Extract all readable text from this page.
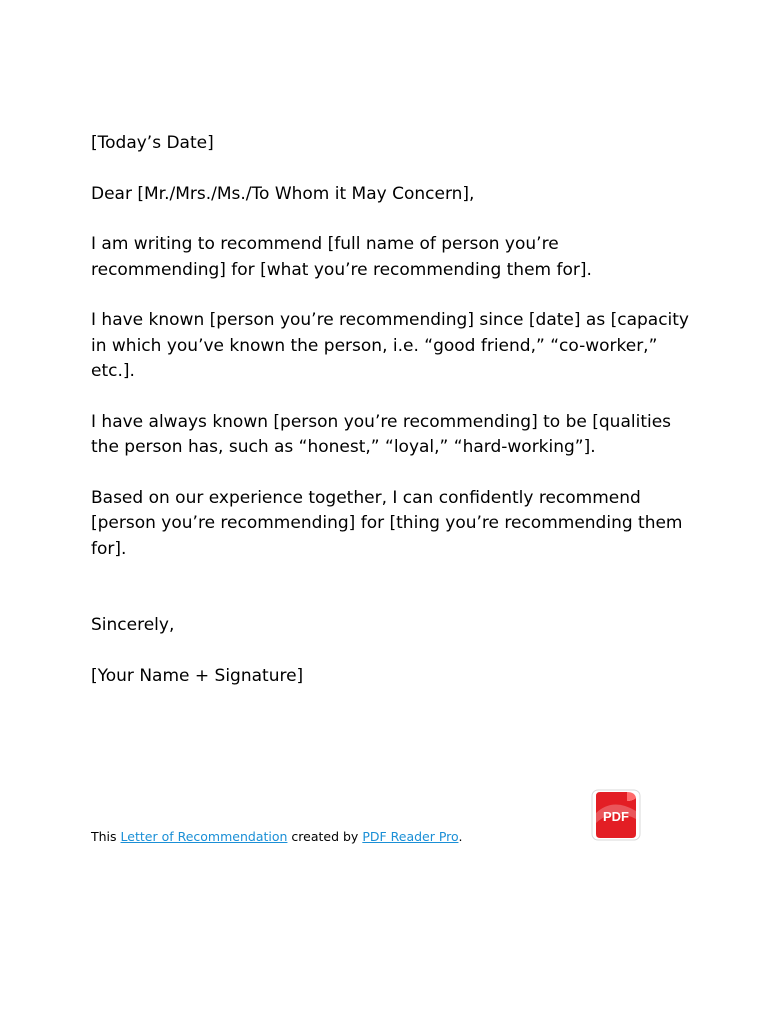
[Today’s Date]

Dear [Mr./Mrs./Ms./To Whom it May Concern],

I am writing to recommend [full name of person you’re recommending] for [what you’re recommending them for].

I have known [person you’re recommending] since [date] as [capacity in which you’ve known the person, i.e. “good friend,” “co-worker,” etc.].

I have always known [person you’re recommending] to be [qualities the person has, such as “honest,” “loyal,” “hard-working”].

Based on our experience together, I can confidently recommend [person you’re recommending] for [thing you’re recommending them for].

Sincerely,

[Your Name + Signature]

PDF
This Letter of Recommendation created by PDF Reader Pro.
